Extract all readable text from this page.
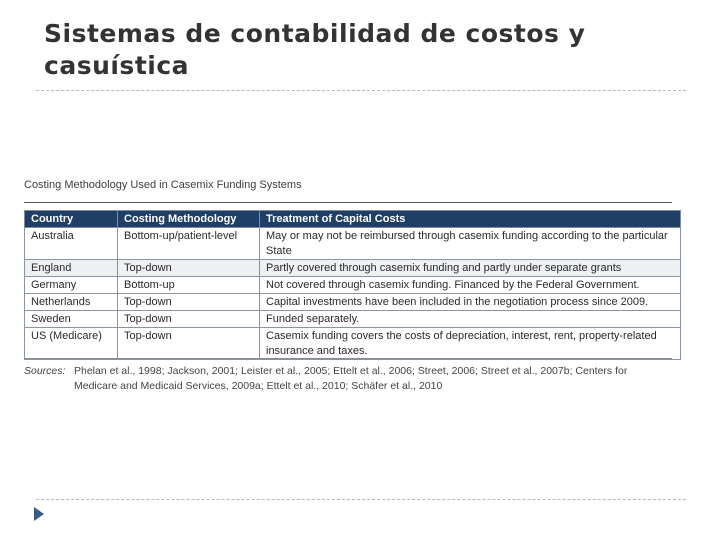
Sistemas de contabilidad de costos y casuística
Costing Methodology Used in Casemix Funding Systems
Country	Costing Methodology	Treatment of Capital Costs
Australia	Bottom-up/patient-level	May or may not be reimbursed through casemix funding according to the particular State
England	Top-down	Partly covered through casemix funding and partly under separate grants
Germany	Bottom-up	Not covered through casemix funding. Financed by the Federal Government.
Netherlands	Top-down	Capital investments have been included in the negotiation process since 2009.
Sweden	Top-down	Funded separately.
US (Medicare)	Top-down	Casemix funding covers the costs of depreciation, interest, rent, property-related insurance and taxes.
Sources: Phelan et al., 1998; Jackson, 2001; Leister et al., 2005; Ettelt et al., 2006; Street, 2006; Street et al., 2007b; Centers for Medicare and Medicaid Services, 2009a; Ettelt et al., 2010; Schäfer et al., 2010
